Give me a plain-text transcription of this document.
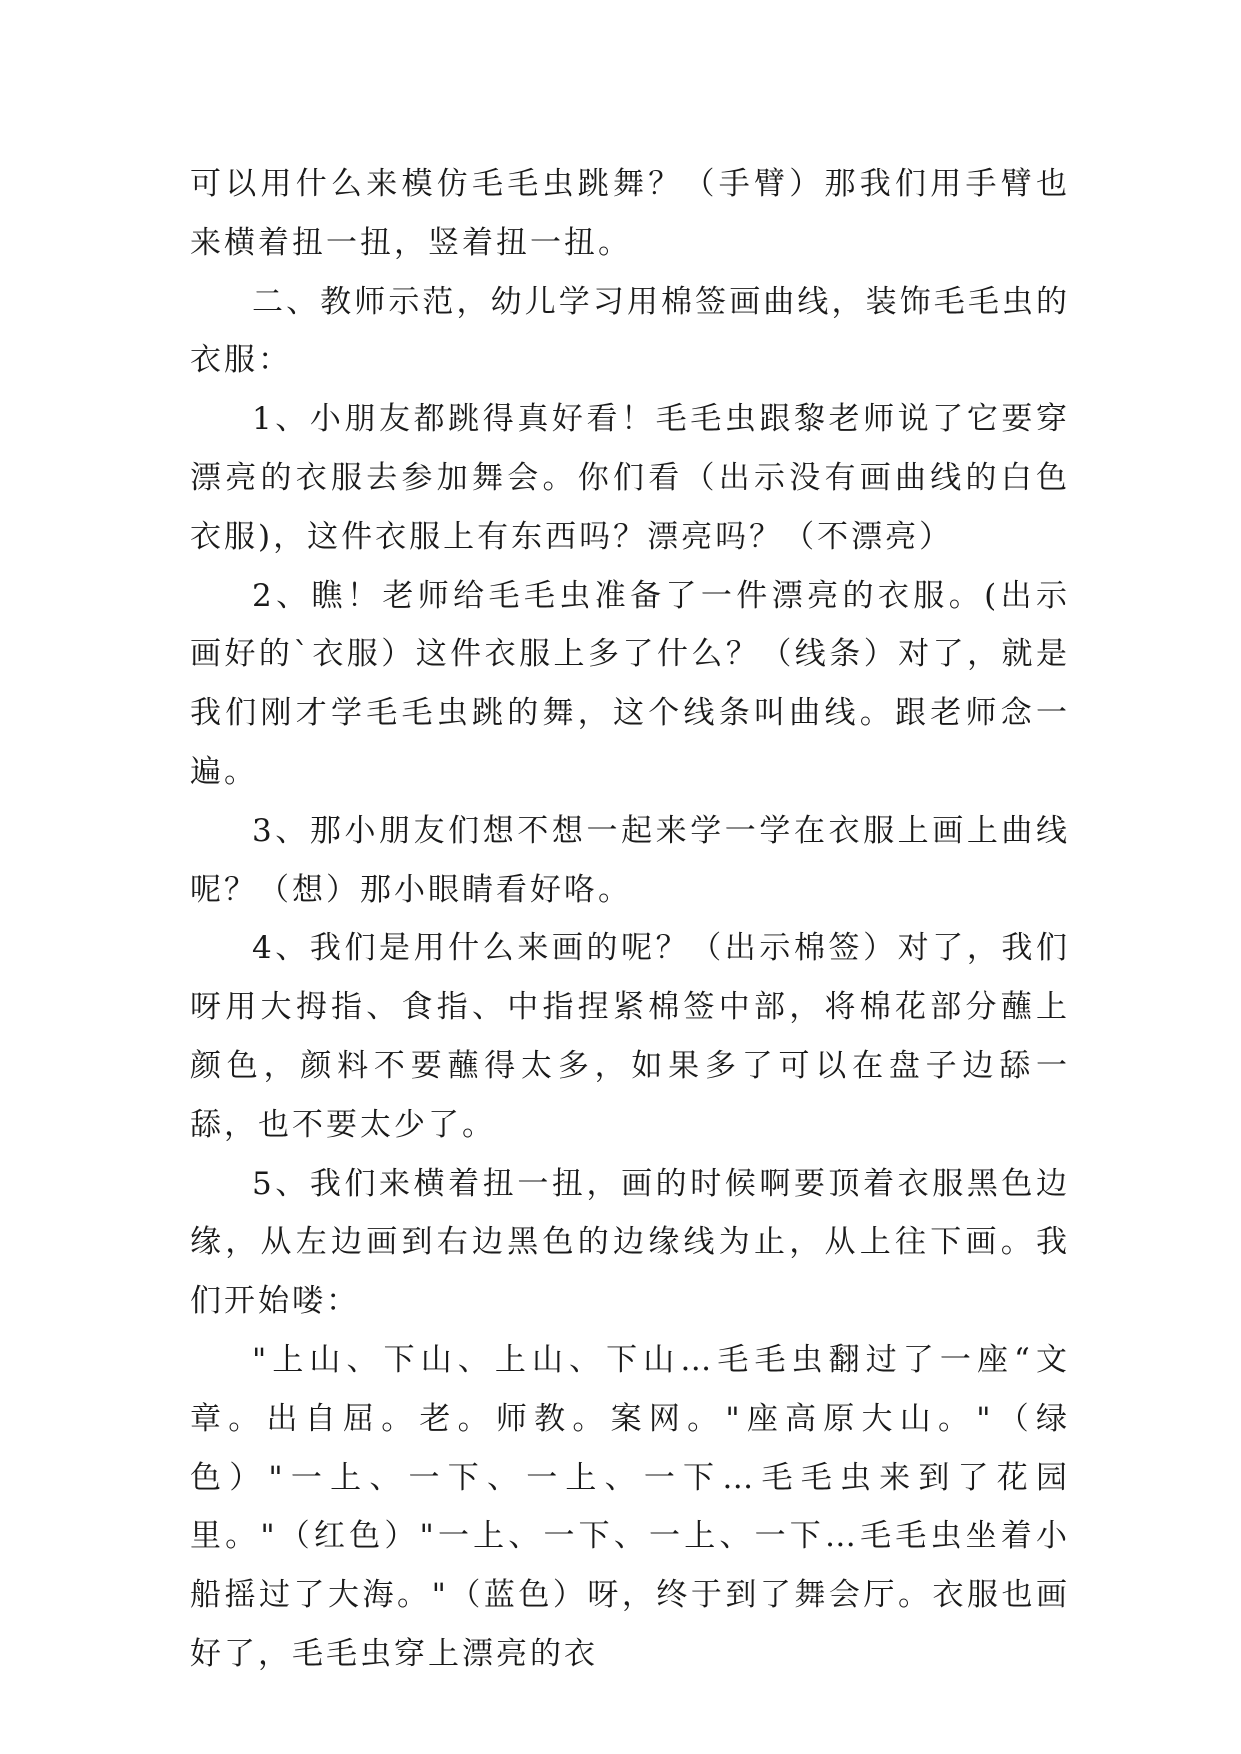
可以用什么来模仿毛毛虫跳舞？（手臂）那我们用手臂也来横着扭一扭，竖着扭一扭。

二、教师示范，幼儿学习用棉签画曲线，装饰毛毛虫的衣服：

1、小朋友都跳得真好看！毛毛虫跟黎老师说了它要穿漂亮的衣服去参加舞会。你们看（出示没有画曲线的白色衣服)，这件衣服上有东西吗？漂亮吗？（不漂亮）

2、瞧！老师给毛毛虫准备了一件漂亮的衣服。(出示画好的`衣服）这件衣服上多了什么？（线条）对了，就是我们刚才学毛毛虫跳的舞，这个线条叫曲线。跟老师念一遍。

3、那小朋友们想不想一起来学一学在衣服上画上曲线呢？（想）那小眼睛看好咯。

4、我们是用什么来画的呢？（出示棉签）对了，我们呀用大拇指、食指、中指捏紧棉签中部，将棉花部分蘸上颜色，颜料不要蘸得太多，如果多了可以在盘子边舔一舔，也不要太少了。

5、我们来横着扭一扭，画的时候啊要顶着衣服黑色边缘，从左边画到右边黑色的边缘线为止，从上往下画。我们开始喽：

"上山、下山、上山、下山…毛毛虫翻过了一座“文章。出自屈。老。师教。案网。"座高原大山。"（绿色）"一上、一下、一上、一下…毛毛虫来到了花园里。"（红色）"一上、一下、一上、一下…毛毛虫坐着小船摇过了大海。"（蓝色）呀，终于到了舞会厅。衣服也画好了，毛毛虫穿上漂亮的衣
